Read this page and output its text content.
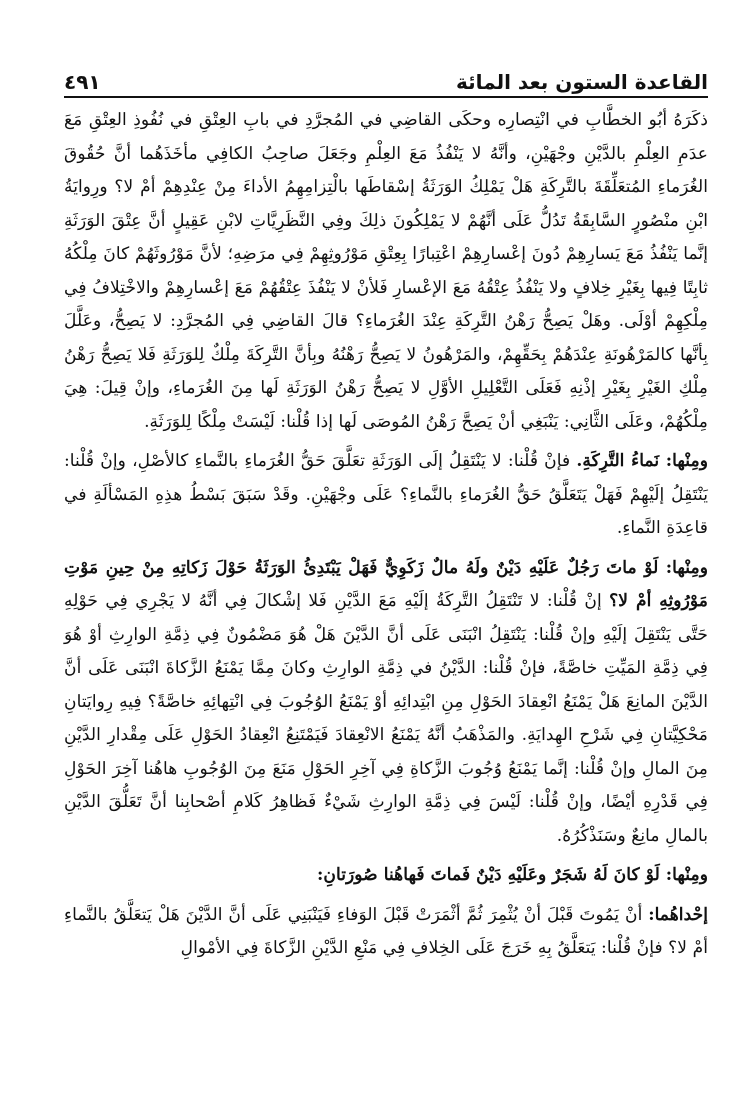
القاعدة الستون بعد المائة
٤٩١

ذكَرَهُ أبُو الخطَّابِ في انْتِصارِه وحكَى القاضِي في المُجرَّدِ في بابِ العِتْقِ في نُفُوذِ العِتْقِ مَعَ عدَمِ العِلْمِ بالدَّيْنِ وجْهَيْنِ، وأنَّهُ لا يَنْفُذُ مَعَ العِلْمِ وجَعَلَ صاحِبُ الكافِي مأخَذَهُما أنَّ حُقُوقَ الغُرَماءِ المُتعَلِّقَةَ بالتَّرِكَةِ هَلْ يَمْلِكُ الوَرَثَةُ إسْقاطَها بالْتِزامِهِمُ الأداءَ مِنْ عِنْدِهِمْ أمْ لا؟ ورِوايَةُ ابْنِ منْصُورٍ السَّابِقَةُ تَدُلُّ عَلَى أنَّهُمْ لا يَمْلِكُونَ ذلِكَ وفِي النَّظَرِيَّاتِ لابْنِ عَقِيلٍ أنَّ عِتْقَ الوَرَثَةِ إنَّما يَنْفُذُ مَعَ يَسارِهِمْ دُونَ إعْسارِهِمْ اعْتِبارًا بِعِتْقِ مَوْرُوثِهِمْ فِي مرَضِهِ؛ لأنَّ مَوْرُوثَهُمْ كانَ مِلْكُهُ ثابِتًا فِيها بِغَيْرِ خِلافٍ ولا يَنْفُذُ عِتْقُهُ مَعَ الإعْسارِ فَلأنْ لا يَنْفُذَ عِتْقُهُمْ مَعَ إعْسارِهِمْ والاخْتِلافُ فِي مِلْكِهِمْ أوْلَى. وهَلْ يَصِحُّ رَهْنُ التَّرِكَةِ عِنْدَ الغُرَماءِ؟ قالَ القاضِي فِي المُجرَّدِ: لا يَصِحُّ، وعَلَّلَ بِأنَّها كالمَرْهُونَةِ عِنْدَهُمْ بِحَقِّهِمْ، والمَرْهُونُ لا يَصِحُّ رَهْنُهُ وبِأنَّ التَّرِكَةَ مِلْكٌ لِلوَرَثَةِ فَلا يَصِحُّ رَهْنُ مِلْكِ الغَيْرِ بِغَيْرِ إذْنِهِ فَعَلَى التَّعْلِيلِ الأوَّلِ لا يَصِحُّ رَهْنُ الوَرَثَةِ لَها مِنَ الغُرَماءِ، وإنْ قِيلَ: هِيَ مِلْكُهُمْ، وعَلَى الثَّانِي: يَنْبَغِي أنْ يَصِحَّ رَهْنُ المُوصَى لَها إذا قُلْنا: لَيْسَتْ مِلْكًا لِلوَرَثَةِ.

ومِنْها: نَماءُ التَّرِكَةِ. فإنْ قُلْنا: لا يَنْتَقِلُ إلَى الوَرَثَةِ تعَلَّقَ حَقُّ الغُرَماءِ بالنَّماءِ كالأصْلِ، وإنْ قُلْنا: يَنْتَقِلُ إلَيْهِمْ فَهَلْ يَتَعَلَّقُ حَقُّ الغُرَماءِ بالنَّماءِ؟ عَلَى وجْهَيْنِ. وقَدْ سَبَقَ بَسْطُ هذِهِ المَسْألَةِ في قاعِدَةِ النَّماءِ.

ومِنْها: لَوْ ماتَ رَجُلٌ عَلَيْهِ دَيْنٌ ولَهُ مالٌ زَكَوِيٌّ فَهَلْ يَبْتَدِئُ الوَرَثَةُ حَوْلَ زَكاتِهِ مِنْ حِينِ مَوْتِ مَوْرُوثِهِ أمْ لا؟ إنْ قُلْنا: لا تَنْتَقِلُ التَّرِكَةُ إلَيْهِ مَعَ الدَّيْنِ فَلا إشْكالَ فِي أنَّهُ لا يَجْرِي فِي حَوْلِهِ حَتَّى يَنْتَقِلَ إلَيْهِ وإنْ قُلْنا: يَنْتَقِلُ انْبَنَى عَلَى أنَّ الدَّيْنَ هَلْ هُوَ مَضْمُونٌ فِي ذِمَّةِ الوارِثِ أوْ هُوَ فِي ذِمَّةِ المَيِّتِ خاصَّةً، فإنْ قُلْنا: الدَّيْنُ في ذِمَّةِ الوارِثِ وكانَ مِمَّا يَمْنَعُ الزَّكاةَ انْبَنَى عَلَى أنَّ الدَّيْنَ المانِعَ هَلْ يَمْنَعُ انْعِقادَ الحَوْلِ مِنِ ابْتِدائِهِ أوْ يَمْنَعُ الوُجُوبَ فِي انْتِهائِهِ خاصَّةً؟ فِيهِ رِوايَتانِ مَحْكِيَّتانِ فِي شَرْحِ الهِدايَةِ. والمَذْهَبُ أنَّهُ يَمْنَعُ الانْعِقادَ فَيَمْتَنِعُ انْعِقادُ الحَوْلِ عَلَى مِقْدارِ الدَّيْنِ مِنَ المالِ وإنْ قُلْنا: إنَّما يَمْنَعُ وُجُوبَ الزَّكاةِ فِي آخِرِ الحَوْلِ مَنَعَ مِنَ الوُجُوبِ هاهُنا آخِرَ الحَوْلِ فِي قَدْرِهِ أيْضًا، وإنْ قُلْنا: لَيْسَ فِي ذِمَّةِ الوارِثِ شَيْءٌ فَظاهِرُ كَلامِ أصْحابِنا أنَّ تَعَلُّقَ الدَّيْنِ بالمالِ مانِعٌ وسَنَذْكُرُهُ.

ومِنْها: لَوْ كانَ لَهُ شَجَرٌ وعَلَيْهِ دَيْنٌ فَماتَ فَهاهُنا صُورَتانِ:

إحْداهُما: أنْ يَمُوتَ قَبْلَ أنْ يُثْمِرَ ثُمَّ أثْمَرَتْ قَبْلَ الوَفاءِ فَيَنْبَنِي عَلَى أنَّ الدَّيْنَ هَلْ يَتعَلَّقُ بالنَّماءِ أمْ لا؟ فإنْ قُلْنا: يَتعَلَّقُ بِهِ خَرَجَ عَلَى الخِلافِ فِي مَنْعِ الدَّيْنِ الزَّكاةَ فِي الأمْوالِ
